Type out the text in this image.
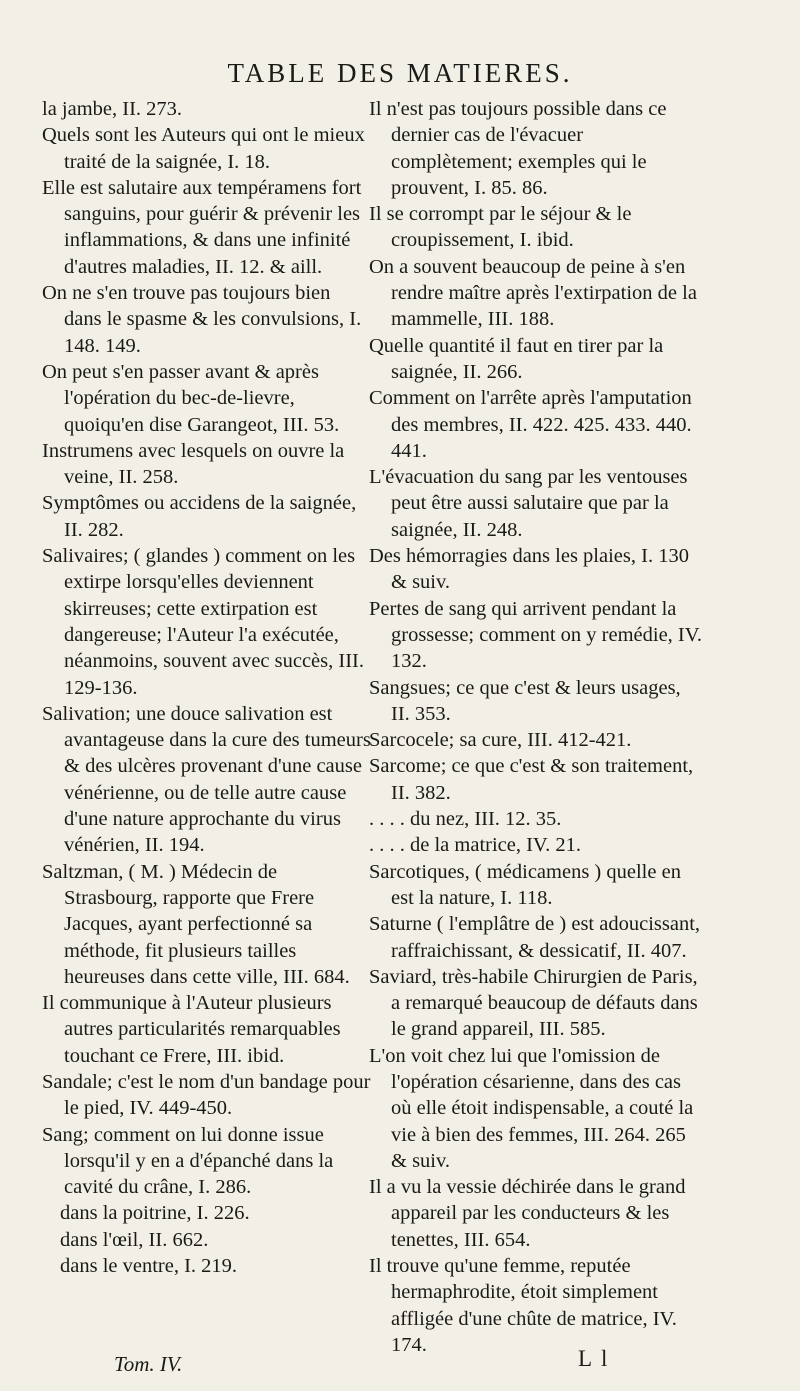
TABLE DES MATIERES.

la jambe, II. 273.

Quels sont les Auteurs qui ont le mieux traité de la saignée, I. 18.

Elle est salutaire aux tempéramens fort sanguins, pour guérir & prévenir les inflammations, & dans une infinité d'autres maladies, II. 12. & aill.

On ne s'en trouve pas toujours bien dans le spasme & les convulsions, I. 148. 149.

On peut s'en passer avant & après l'opération du bec-de-lievre, quoiqu'en dise Garangeot, III. 53.

Instrumens avec lesquels on ouvre la veine, II. 258.

Symptômes ou accidens de la saignée, II. 282.

Salivaires; ( glandes ) comment on les extirpe lorsqu'elles deviennent skirreuses; cette extirpation est dangereuse; l'Auteur l'a exécutée, néanmoins, souvent avec succès, III. 129-136.

Salivation; une douce salivation est avantageuse dans la cure des tumeurs & des ulcères provenant d'une cause vénérienne, ou de telle autre cause d'une nature approchante du virus vénérien, II. 194.

Saltzman, ( M. ) Médecin de Strasbourg, rapporte que Frere Jacques, ayant perfectionné sa méthode, fit plusieurs tailles heureuses dans cette ville, III. 684.

Il communique à l'Auteur plusieurs autres particularités remarquables touchant ce Frere, III. ibid.

Sandale; c'est le nom d'un bandage pour le pied, IV. 449-450.

Sang; comment on lui donne issue lorsqu'il y en a d'épanché dans la cavité du crâne, I. 286.

dans la poitrine, I. 226.

dans l'œil, II. 662.

dans le ventre, I. 219.

Il n'est pas toujours possible dans ce dernier cas de l'évacuer complètement; exemples qui le prouvent, I. 85. 86.

Il se corrompt par le séjour & le croupissement, I. ibid.

On a souvent beaucoup de peine à s'en rendre maître après l'extirpation de la mammelle, III. 188.

Quelle quantité il faut en tirer par la saignée, II. 266.

Comment on l'arrête après l'amputation des membres, II. 422. 425. 433. 440. 441.

L'évacuation du sang par les ventouses peut être aussi salutaire que par la saignée, II. 248.

Des hémorragies dans les plaies, I. 130 & suiv.

Pertes de sang qui arrivent pendant la grossesse; comment on y remédie, IV. 132.

Sangsues; ce que c'est & leurs usages, II. 353.

Sarcocele; sa cure, III. 412-421.

Sarcome; ce que c'est & son traitement, II. 382.

. . . . du nez, III. 12. 35.

. . . . de la matrice, IV. 21.

Sarcotiques, ( médicamens ) quelle en est la nature, I. 118.

Saturne ( l'emplâtre de ) est adoucissant, raffraichissant, & dessicatif, II. 407.

Saviard, très-habile Chirurgien de Paris, a remarqué beaucoup de défauts dans le grand appareil, III. 585.

L'on voit chez lui que l'omission de l'opération césarienne, dans des cas où elle étoit indispensable, a couté la vie à bien des femmes, III. 264. 265 & suiv.

Il a vu la vessie déchirée dans le grand appareil par les conducteurs & les tenettes, III. 654.

Il trouve qu'une femme, reputée hermaphrodite, étoit simplement affligée d'une chûte de matrice, IV. 174.

Tom. IV.	L l
